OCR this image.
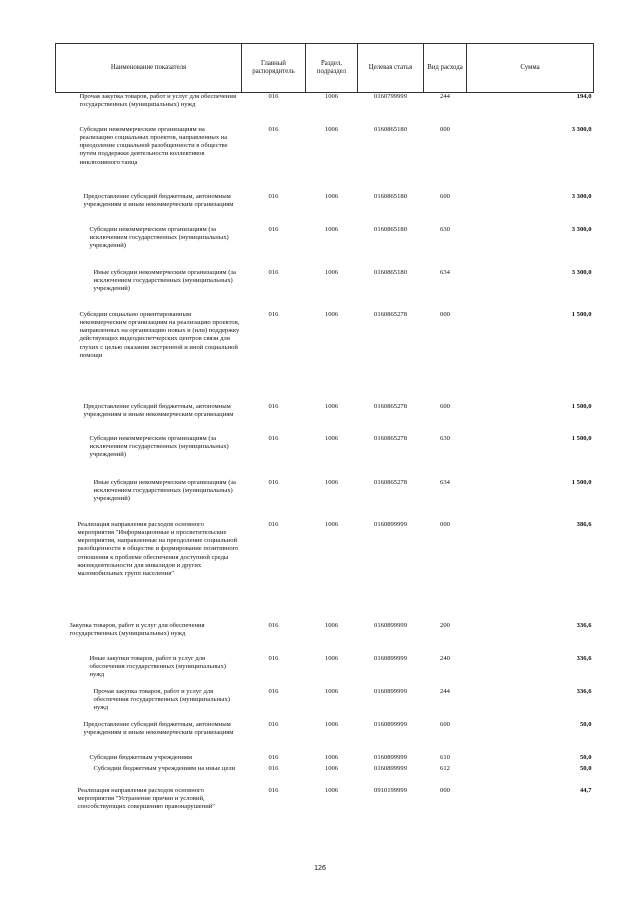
Наименование показателя	Главный распорядитель	Раздел, подраздел	Целевая статья	Вид расхода	Сумма
Прочая закупка товаров, работ и услуг для обеспечения государственных (муниципальных) нужд	016	1006	0160799999	244	194,0
Субсидии некоммерческим организациям на реализацию социальных проектов, направленных на преодоление социальной разобщенности в обществе путем поддержки деятельности коллективов инклюзивного танца	016	1006	0160865180	000	3 300,0
Предоставление субсидий бюджетным, автономным учреждениям и иным некоммерческим организациям	016	1006	0160865180	600	3 300,0
Субсидии некоммерческим организациям (за исключением государственных (муниципальных) учреждений)	016	1006	0160865180	630	3 300,0
Иные субсидии некоммерческим организациям (за исключением государственных (муниципальных) учреждений)	016	1006	0160865180	634	3 300,0
Субсидии социально ориентированным некоммерческим организациям на реализацию проектов, направленных на организацию новых и (или) поддержку действующих видеодиспетчерских центров связи для глухих с целью оказания экстренной и иной социальной помощи	016	1006	0160865278	000	1 500,0
Предоставление субсидий бюджетным, автономным учреждениям и иным некоммерческим организациям	016	1006	0160865278	600	1 500,0
Субсидии некоммерческим организациям (за исключением государственных (муниципальных) учреждений)	016	1006	0160865278	630	1 500,0
Иные субсидии некоммерческим организациям (за исключением государственных (муниципальных) учреждений)	016	1006	0160865278	634	1 500,0
Реализация направления расходов основного мероприятия "Информационные и просветительские мероприятия, направленные на преодоление социальной разобщенности в обществе и формирование позитивного отношения к проблеме обеспечения доступной среды жизнедеятельности для инвалидов и других маломобильных групп населения"	016	1006	0160899999	000	386,6
Закупка товаров, работ и услуг для обеспечения государственных (муниципальных) нужд	016	1006	0160899999	200	336,6
Иные закупки товаров, работ и услуг для обеспечения государственных (муниципальных) нужд	016	1006	0160899999	240	336,6
Прочая закупка товаров, работ и услуг для обеспечения государственных (муниципальных) нужд	016	1006	0160899999	244	336,6
Предоставление субсидий бюджетным, автономным учреждениям и иным некоммерческим организациям	016	1006	0160899999	600	50,0
Субсидии бюджетным учреждениям	016	1006	0160899999	610	50,0
Субсидии бюджетным учреждениям на иные цели	016	1006	0160899999	612	50,0
Реализация направления расходов основного мероприятия "Устранение причин и условий, способствующих совершению правонарушений"	016	1006	0910199999	000	44,7
126
